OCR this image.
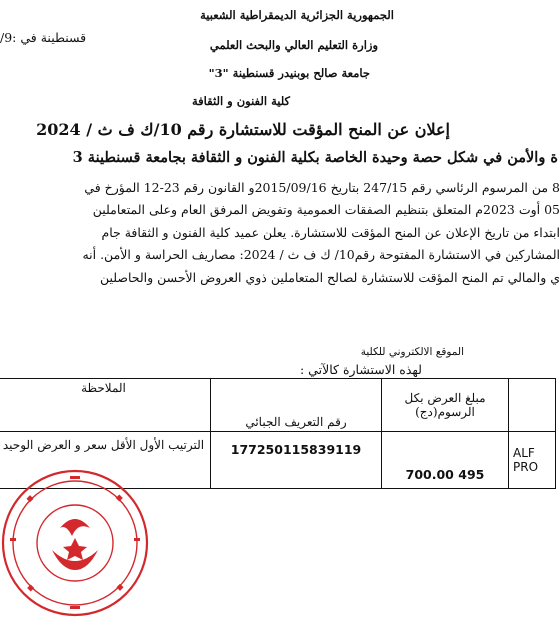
الجمهورية الجزائرية الديمقراطية الشعبية
قسنطينة في :9/	وزارة التعليم العالي والبحث العلمي
جامعة صالح بوبنيدر قسنطينة "3"
كلية الفنون و الثقافة
إعلان عن المنح المؤقت للاستشارة رقم 10/ك ف ث / 2024
ة والأمن في شكل حصة وحيدة الخاصة بكلية الفنون و الثقافة بجامعة قسنطينة 3
8 من المرسوم الرئاسي رقم 247/15 بتاريخ 2015/09/16و القانون رقم 23-12 المؤرخ في
05 أوت 2023م المتعلق بتنظيم الصفقات العمومية وتفويض المرفق العام وعلى المتعاملين
ابتداء من تاريخ الإعلان عن المنح المؤقت للاستشارة. يعلن عميد كلية الفنون و الثقافة جام
المشاركين في الاستشارة المفتوحة رقم10/ ك ف ث / 2024: مصاريف الحراسة و الأمن. أنه
ي والمالي تم المنح المؤقت للاستشارة لصالح المتعاملين ذوي العروض الأحسن والحاصلين
الموقع الالكتروني للكلية
لهذه الاستشارة كالآتي :
	مبلغ العرض بكل الرسوم(دج)	رقم التعريف الجبائي	الملاحظة

ALF
PRO	495 700.00	177250115839119	الترتيب الأول الأقل سعر و العرض الوحيد
